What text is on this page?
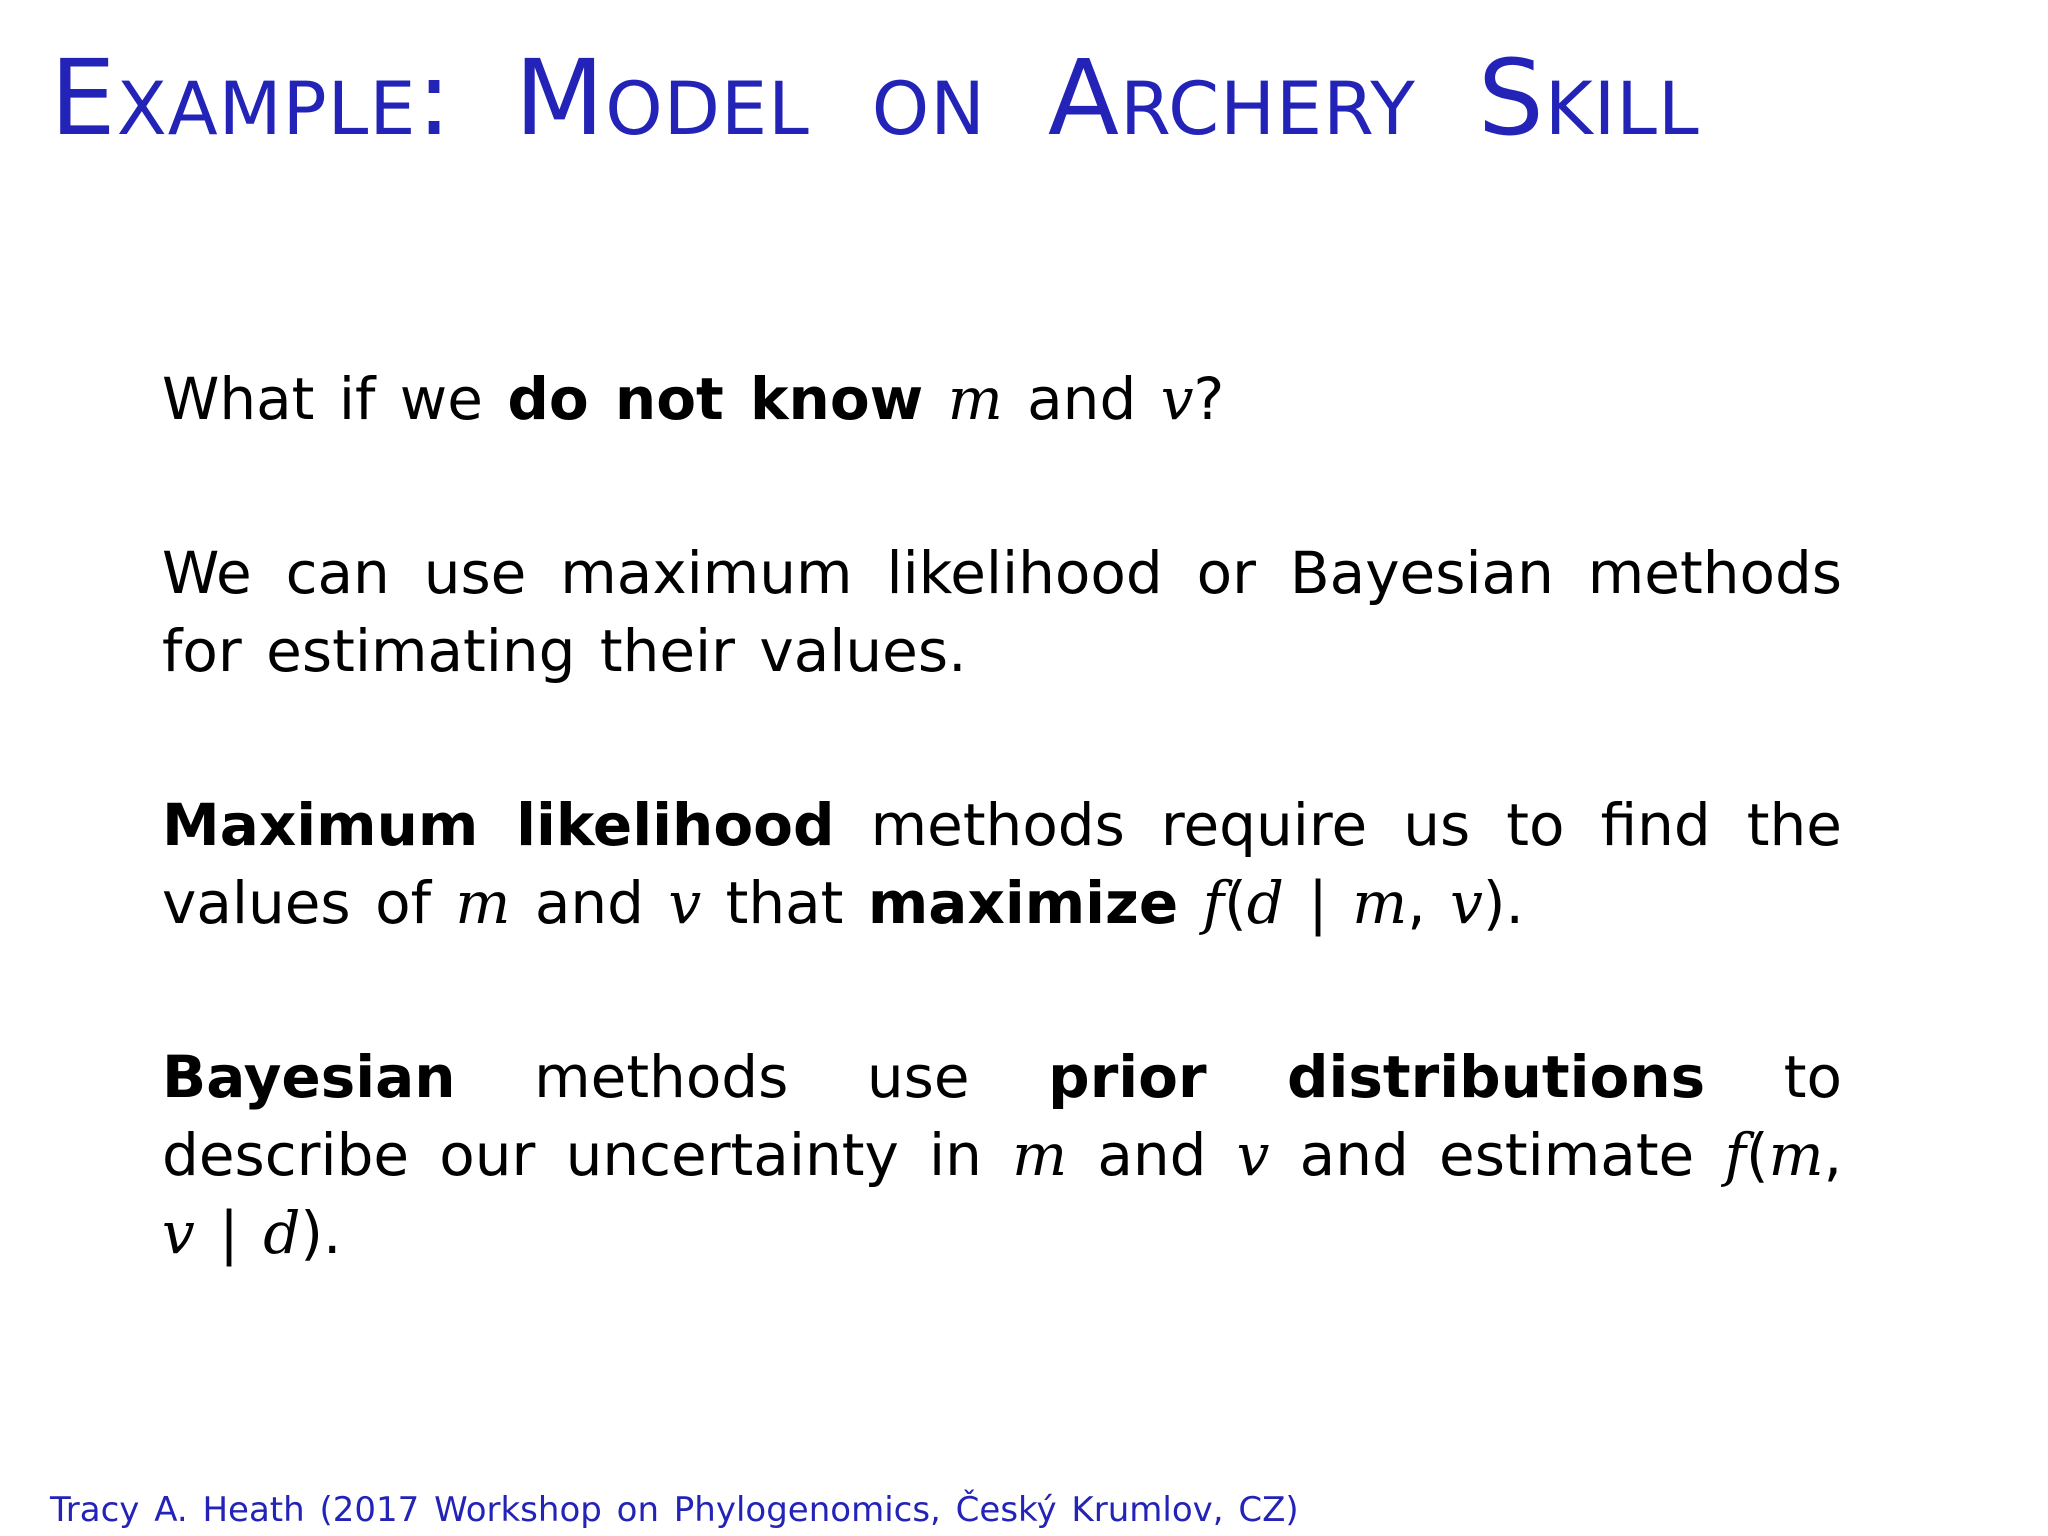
Example: Model on Archery Skill

What if we do not know m and v?

We can use maximum likelihood or Bayesian methods for estimating their values.

Maximum likelihood methods require us to find the values of m and v that maximize f(d | m, v).

Bayesian methods use prior distributions to describe our uncertainty in m and v and estimate f(m, v | d).

Tracy A. Heath (2017 Workshop on Phylogenomics, Český Krumlov, CZ)
